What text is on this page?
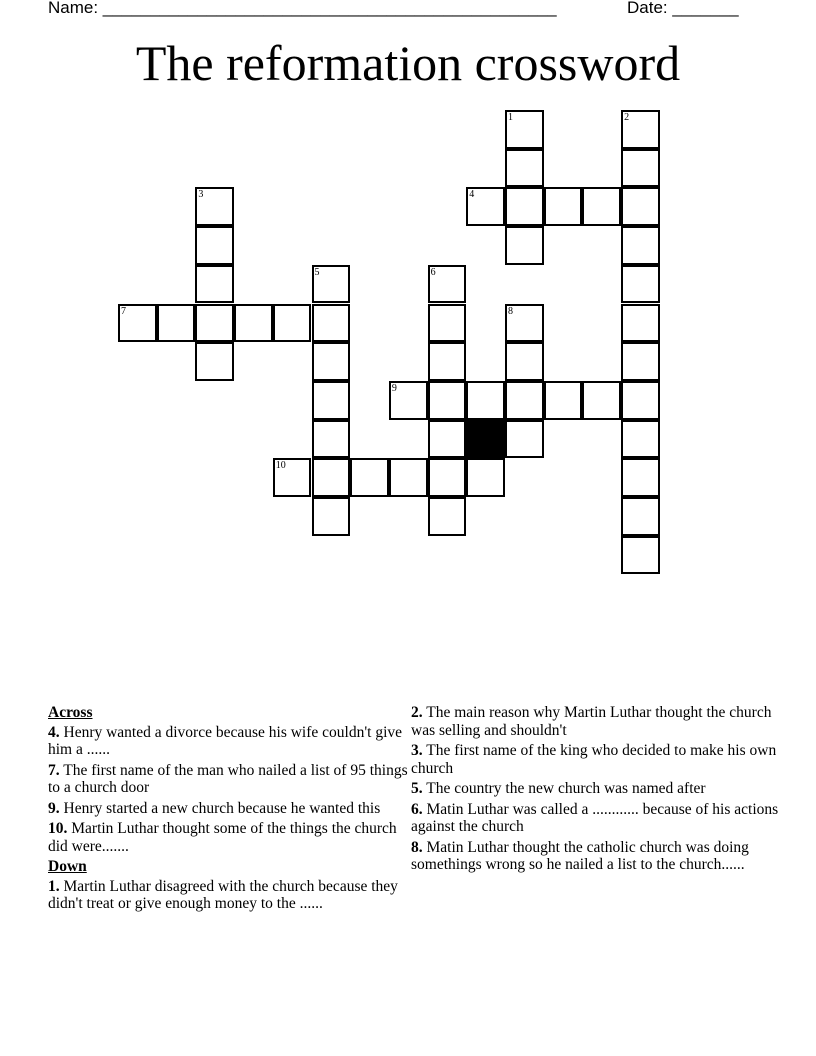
Name: ________________________________________________	Date: _______
The reformation crossword
1	2
3	4
5	6
7	8
9
10
Across
4. Henry wanted a divorce because his wife couldn't give him a ......
7. The first name of the man who nailed a list of 95 things to a church door
9. Henry started a new church because he wanted this
10. Martin Luthar thought some of the things the church did were.......
Down
1. Martin Luthar disagreed with the church because they didn't treat or give enough money to the ......
2. The main reason why Martin Luthar thought the church was selling and shouldn't
3. The first name of the king who decided to make his own church
5. The country the new church was named after
6. Matin Luthar was called a ............ because of his actions against the church
8. Matin Luthar thought the catholic church was doing somethings wrong so he nailed a list to the church......
